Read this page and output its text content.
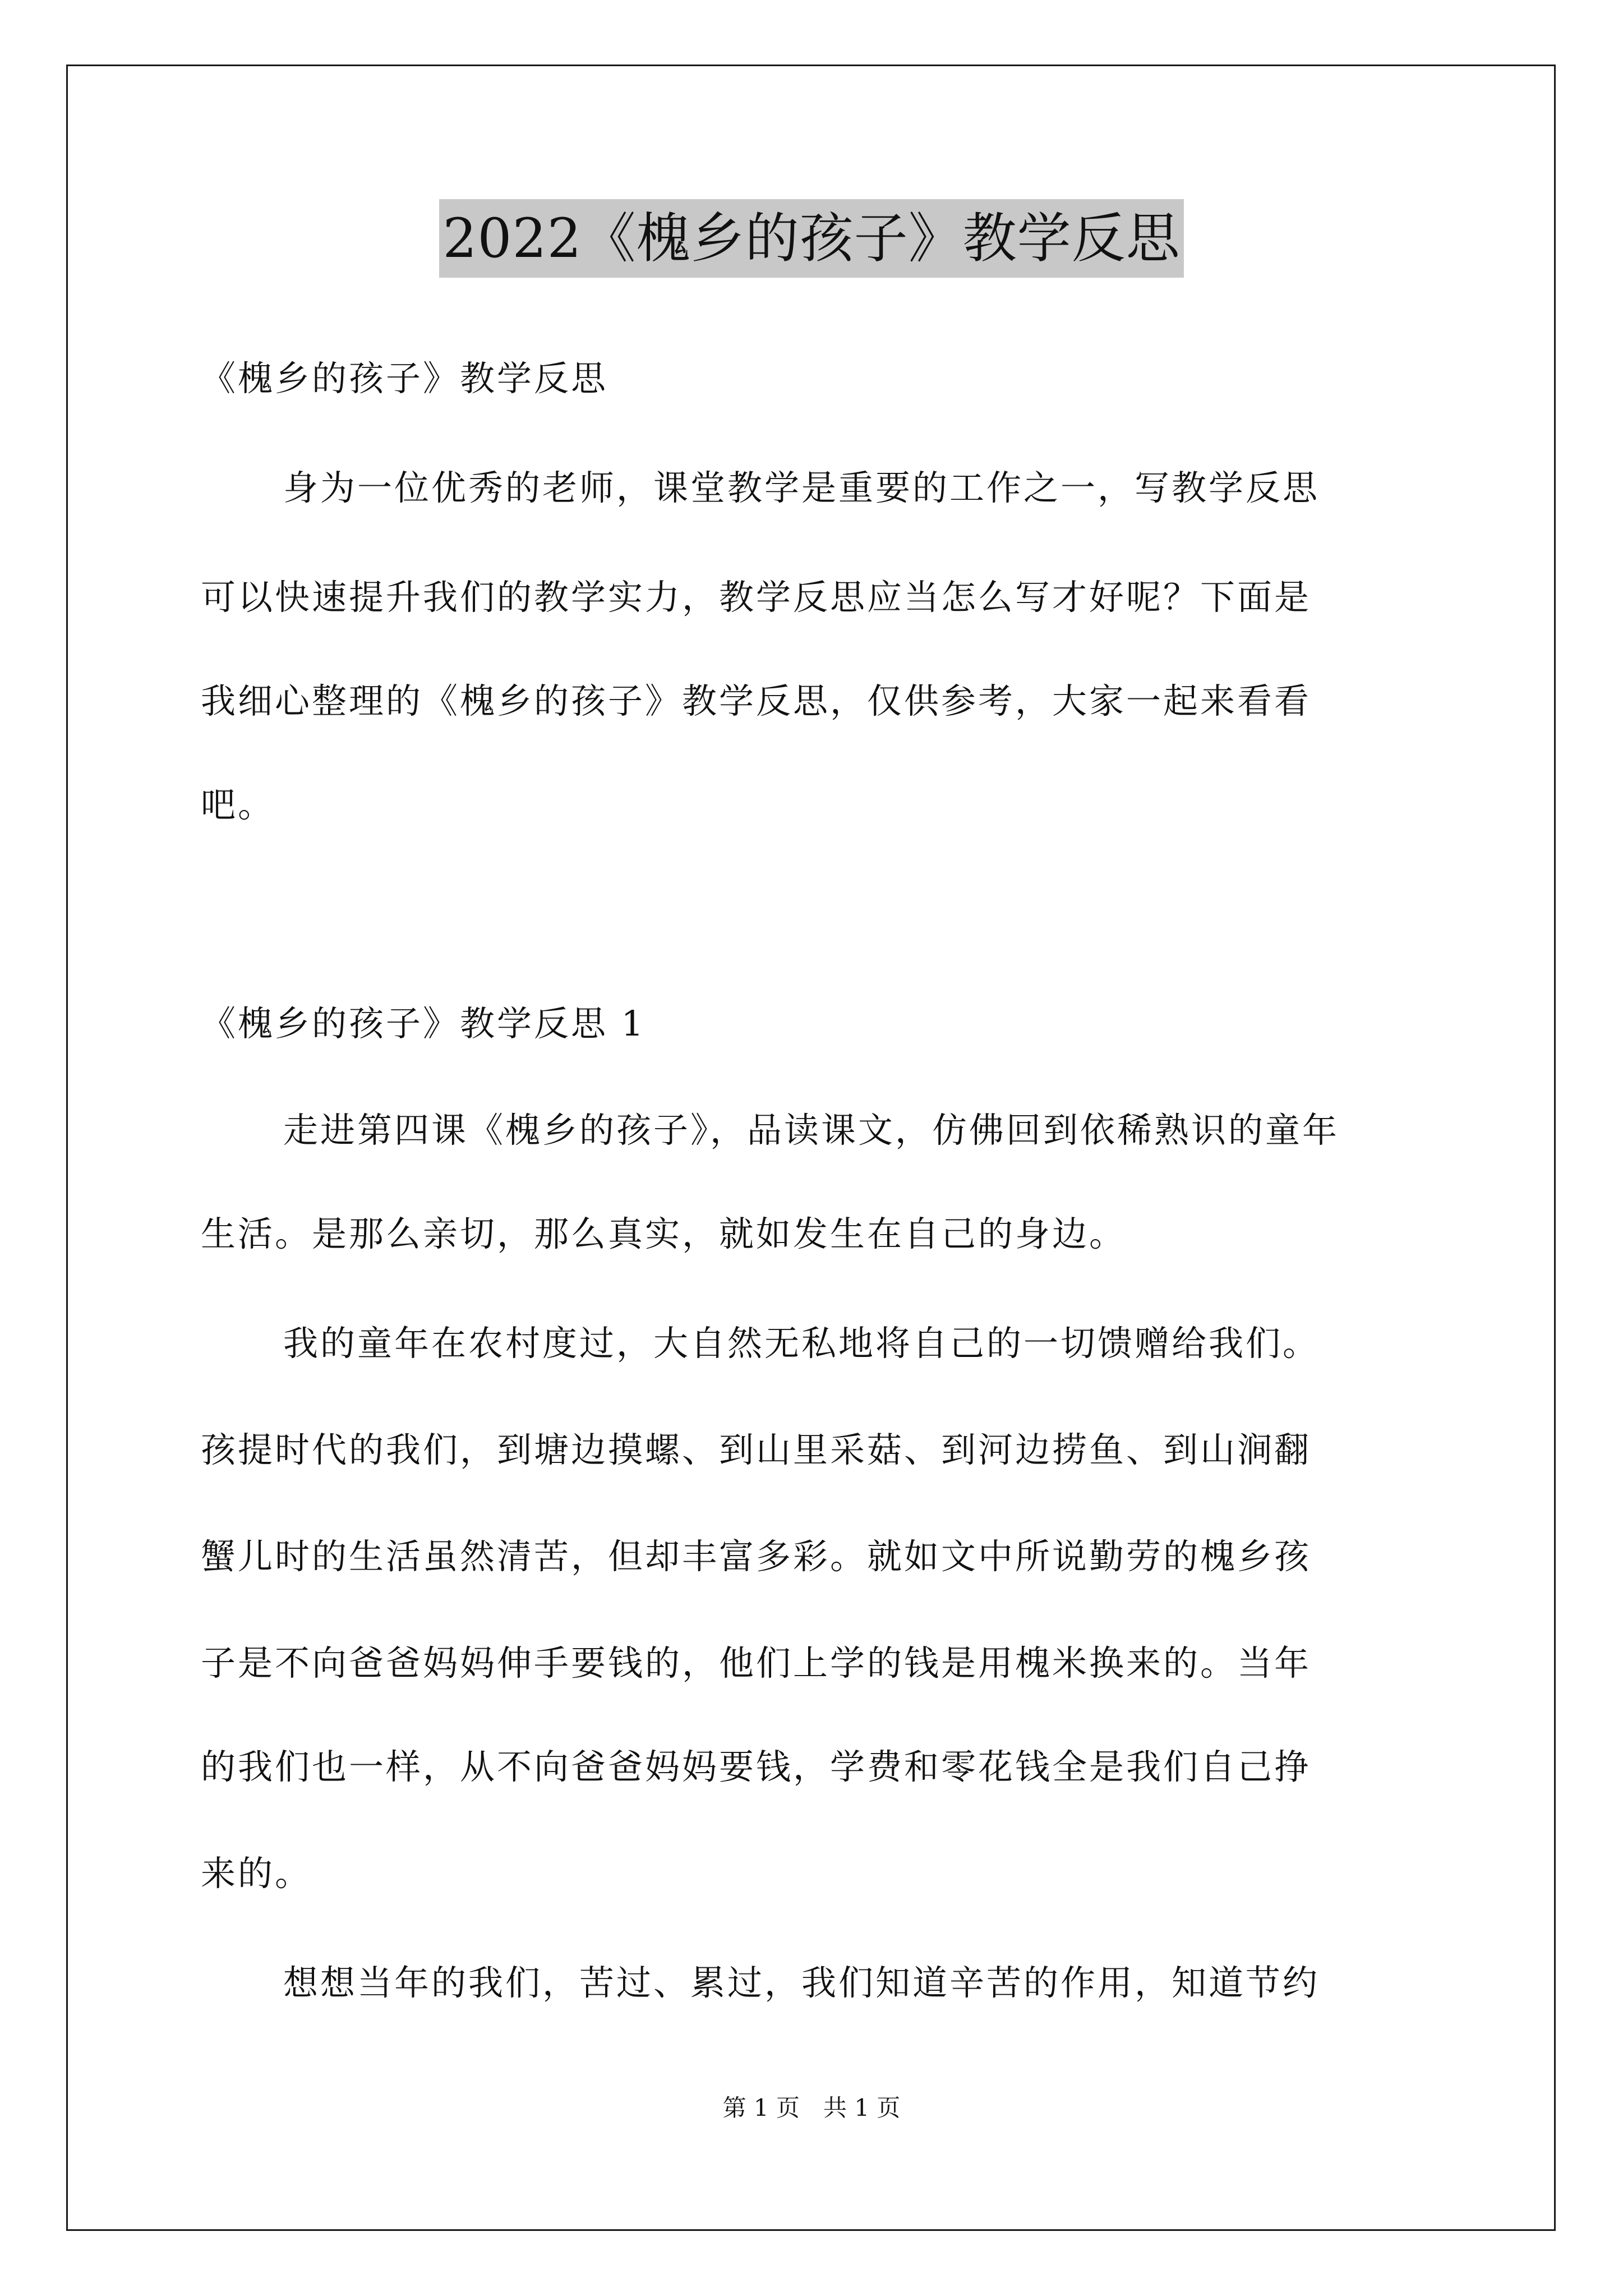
2022《槐乡的孩子》教学反思
《槐乡的孩子》教学反思
身为一位优秀的老师，课堂教学是重要的工作之一，写教学反思
可以快速提升我们的教学实力，教学反思应当怎么写才好呢？下面是
我细心整理的《槐乡的孩子》教学反思，仅供参考，大家一起来看看
吧。
《槐乡的孩子》教学反思 1
走进第四课《槐乡的孩子》，品读课文，仿佛回到依稀熟识的童年
生活。是那么亲切，那么真实，就如发生在自己的身边。
我的童年在农村度过，大自然无私地将自己的一切馈赠给我们。
孩提时代的我们，到塘边摸螺、到山里采菇、到河边捞鱼、到山涧翻
蟹儿时的生活虽然清苦，但却丰富多彩。就如文中所说勤劳的槐乡孩
子是不向爸爸妈妈伸手要钱的，他们上学的钱是用槐米换来的。当年
的我们也一样，从不向爸爸妈妈要钱，学费和零花钱全是我们自己挣
来的。
想想当年的我们，苦过、累过，我们知道辛苦的作用，知道节约
第 1 页　共 1 页
